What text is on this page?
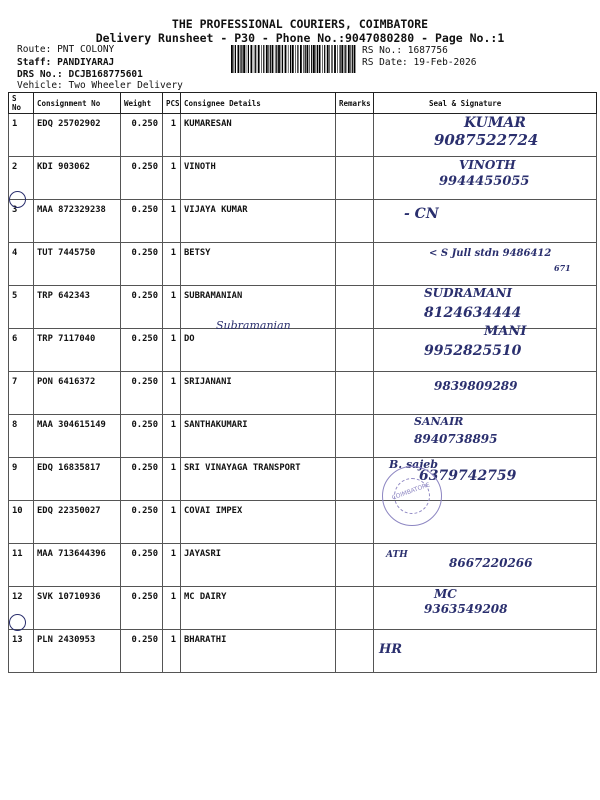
THE PROFESSIONAL COURIERS, COIMBATORE
Delivery Runsheet - P30 - Phone No.:9047080280 - Page No.:1
Route: PNT COLONY
Staff: PANDIYARAJ
DRS No.: DCJB168775601
Vehicle: Two Wheeler Delivery
RS No.: 1687756
RS Date: 19-Feb-2026
S No	Consignment No	Weight	PCS	Consignee Details	Remarks	Seal & Signature
1	EDQ 25702902	0.250	1	KUMARESAN		KUMAR
9087522724

2	KDI 903062	0.250	1	VINOTH		VINOTH
9944455055

3	MAA 872329238	0.250	1	VIJAYA KUMAR		- CN

4	TUT 7445750	0.250	1	BETSY		< S Jull stdn 9486412
671

5	TRP 642343	0.250	1	SUBRAMANIAN		SUDRAMANI
8124634444

6	TRP 7117040	0.250	1	DO		MANI
9952825510

7	PON 6416372	0.250	1	SRIJANANI		9839809289

8	MAA 304615149	0.250	1	SANTHAKUMARI		SANAIR
8940738895

9	EDQ 16835817	0.250	1	SRI VINAYAGA TRANSPORT		B. sajeb
6379742759

10	EDQ 22350027	0.250	1	COVAI IMPEX		
11	MAA 713644396	0.250	1	JAYASRI		ATH
8667220266

12	SVK 10710936	0.250	1	MC DAIRY		MC
9363549208

13	PLN 2430953	0.250	1	BHARATHI		HR
Subramanian
COIMBATORE
